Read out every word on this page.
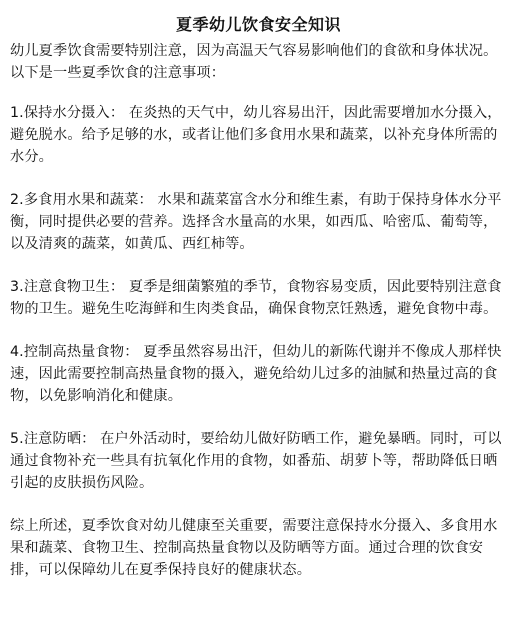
夏季幼儿饮食安全知识

幼儿夏季饮食需要特别注意，因为高温天气容易影响他们的食欲和身体状况。以下是一些夏季饮食的注意事项：

1.保持水分摄入： 在炎热的天气中，幼儿容易出汗，因此需要增加水分摄入，避免脱水。给予足够的水，或者让他们多食用水果和蔬菜，以补充身体所需的水分。

2.多食用水果和蔬菜： 水果和蔬菜富含水分和维生素，有助于保持身体水分平衡，同时提供必要的营养。选择含水量高的水果，如西瓜、哈密瓜、葡萄等，以及清爽的蔬菜，如黄瓜、西红柿等。

3.注意食物卫生： 夏季是细菌繁殖的季节，食物容易变质，因此要特别注意食物的卫生。避免生吃海鲜和生肉类食品，确保食物烹饪熟透，避免食物中毒。

4.控制高热量食物： 夏季虽然容易出汗，但幼儿的新陈代谢并不像成人那样快速，因此需要控制高热量食物的摄入，避免给幼儿过多的油腻和热量过高的食物，以免影响消化和健康。

5.注意防晒： 在户外活动时，要给幼儿做好防晒工作，避免暴晒。同时，可以通过食物补充一些具有抗氧化作用的食物，如番茄、胡萝卜等，帮助降低日晒引起的皮肤损伤风险。

综上所述，夏季饮食对幼儿健康至关重要，需要注意保持水分摄入、多食用水果和蔬菜、食物卫生、控制高热量食物以及防晒等方面。通过合理的饮食安排，可以保障幼儿在夏季保持良好的健康状态。
